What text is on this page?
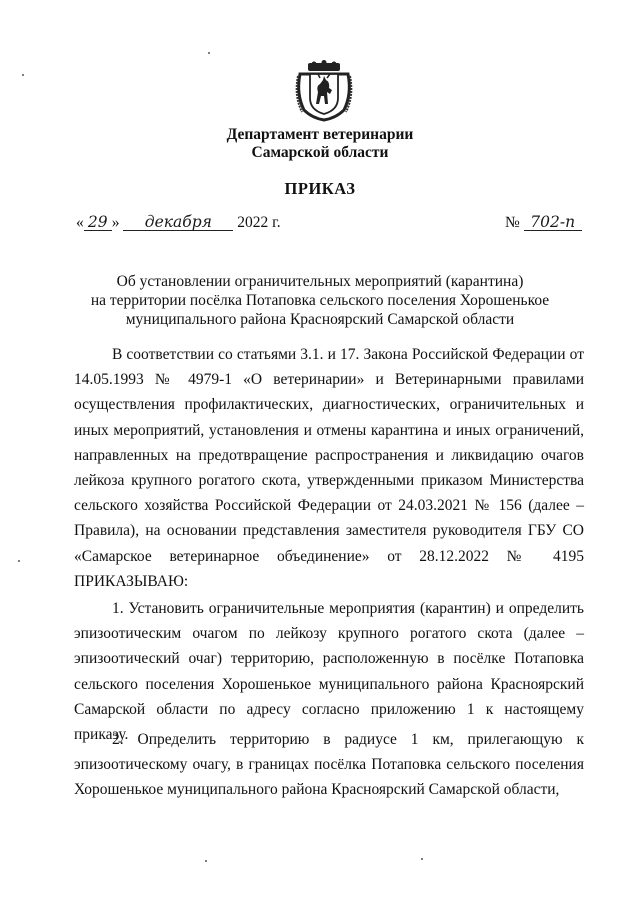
Департамент ветеринарии
Самарской области
ПРИКАЗ
« 29 » декабря 2022 г.	№ 702-п
Об установлении ограничительных мероприятий (карантина)
на территории посёлка Потаповка сельского поселения Хорошенькое
муниципального района Красноярский Самарской области

В соответствии со статьями 3.1. и 17. Закона Российской Федерации от 14.05.1993 № 4979-1 «О ветеринарии» и Ветеринарными правилами осуществления профилактических, диагностических, ограничительных и иных мероприятий, установления и отмены карантина и иных ограничений, направленных на предотвращение распространения и ликвидацию очагов лейкоза крупного рогатого скота, утвержденными приказом Министерства сельского хозяйства Российской Федерации от 24.03.2021 № 156 (далее – Правила), на основании представления заместителя руководителя ГБУ СО «Самарское ветеринарное объединение» от 28.12.2022 № 4195 ПРИКАЗЫВАЮ:

1. Установить ограничительные мероприятия (карантин) и определить эпизоотическим очагом по лейкозу крупного рогатого скота (далее – эпизоотический очаг) территорию, расположенную в посёлке Потаповка сельского поселения Хорошенькое муниципального района Красноярский Самарской области по адресу согласно приложению 1 к настоящему приказу.

2. Определить территорию в радиусе 1 км, прилегающую к эпизоотическому очагу, в границах посёлка Потаповка сельского поселения Хорошенькое муниципального района Красноярский Самарской области,
